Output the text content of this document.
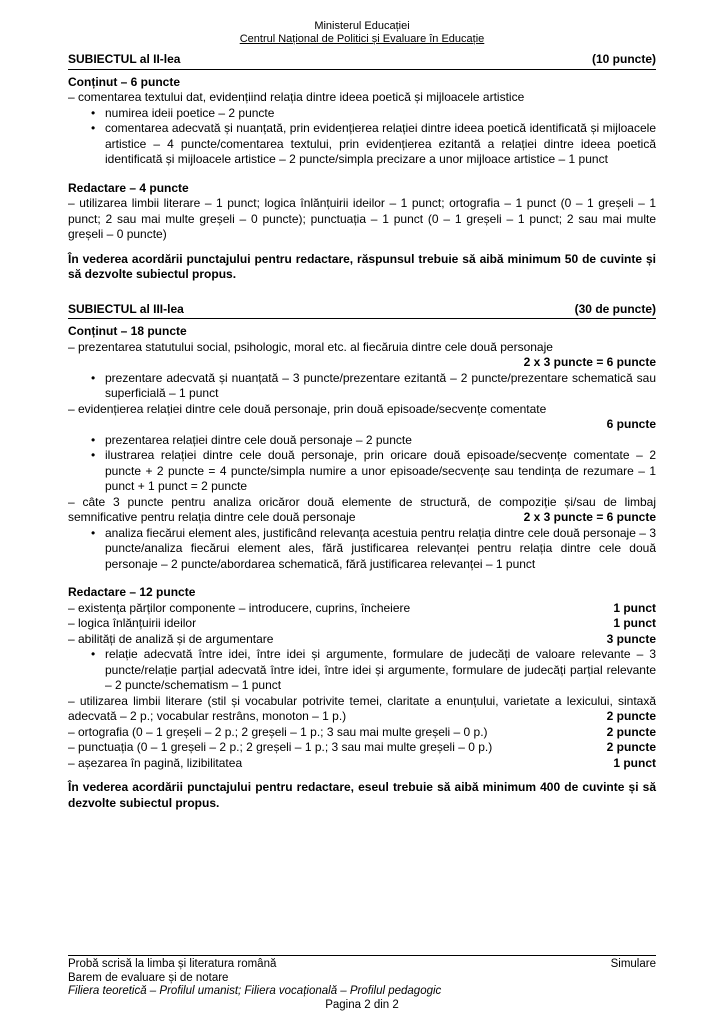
Ministerul Educației
Centrul Național de Politici și Evaluare în Educație
SUBIECTUL al II-lea	(10 puncte)
Conținut – 6 puncte
– comentarea textului dat, evidențiind relația dintre ideea poetică și mijloacele artistice
• numirea ideii poetice – 2 puncte
• comentarea adecvată și nuanțată, prin evidențierea relației dintre ideea poetică identificată și mijloacele artistice – 4 puncte/comentarea textului, prin evidențierea ezitantă a relației dintre ideea poetică identificată și mijloacele artistice – 2 puncte/simpla precizare a unor mijloace artistice – 1 punct
Redactare – 4 puncte
– utilizarea limbii literare – 1 punct; logica înlănțuirii ideilor – 1 punct; ortografia – 1 punct (0 – 1 greșeli – 1 punct; 2 sau mai multe greșeli – 0 puncte); punctuația – 1 punct (0 – 1 greșeli – 1 punct; 2 sau mai multe greșeli – 0 puncte)
În vederea acordării punctajului pentru redactare, răspunsul trebuie să aibă minimum 50 de cuvinte și să dezvolte subiectul propus.
SUBIECTUL al III-lea	(30 de puncte)
Conținut – 18 puncte
– prezentarea statutului social, psihologic, moral etc. al fiecăruia dintre cele două personaje
2 x 3 puncte = 6 puncte
• prezentare adecvată și nuanțată – 3 puncte/prezentare ezitantă – 2 puncte/prezentare schematică sau superficială – 1 punct
– evidențierea relației dintre cele două personaje, prin două episoade/secvențe comentate
6 puncte
• prezentarea relației dintre cele două personaje – 2 puncte
• ilustrarea relației dintre cele două personaje, prin oricare două episoade/secvențe comentate – 2 puncte + 2 puncte = 4 puncte/simpla numire a unor episoade/secvențe sau tendința de rezumare – 1 punct + 1 punct = 2 puncte
– câte 3 puncte pentru analiza oricăror două elemente de structură, de compoziție și/sau de limbaj semnificative pentru relația dintre cele două personaje	2 x 3 puncte = 6 puncte
• analiza fiecărui element ales, justificând relevanța acestuia pentru relația dintre cele două personaje – 3 puncte/analiza fiecărui element ales, fără justificarea relevanței pentru relația dintre cele două personaje – 2 puncte/abordarea schematică, fără justificarea relevanței – 1 punct
Redactare – 12 puncte
– existența părților componente – introducere, cuprins, încheiere	1 punct
– logica înlănțuirii ideilor	1 punct
– abilități de analiză și de argumentare	3 puncte
• relație adecvată între idei, între idei și argumente, formulare de judecăți de valoare relevante – 3 puncte/relație parțial adecvată între idei, între idei și argumente, formulare de judecăți parțial relevante – 2 puncte/schematism – 1 punct
– utilizarea limbii literare (stil și vocabular potrivite temei, claritate a enunțului, varietate a lexicului, sintaxă adecvată – 2 p.; vocabular restrâns, monoton – 1 p.)	2 puncte
– ortografia (0 – 1 greșeli – 2 p.; 2 greșeli – 1 p.; 3 sau mai multe greșeli – 0 p.)	2 puncte
– punctuația (0 – 1 greșeli – 2 p.; 2 greșeli – 1 p.; 3 sau mai multe greșeli – 0 p.)	2 puncte
– așezarea în pagină, lizibilitatea	1 punct
În vederea acordării punctajului pentru redactare, eseul trebuie să aibă minimum 400 de cuvinte și să dezvolte subiectul propus.
Probă scrisă la limba și literatura română	Simulare
Barem de evaluare și de notare
Filiera teoretică – Profilul umanist; Filiera vocațională – Profilul pedagogic
Pagina 2 din 2
